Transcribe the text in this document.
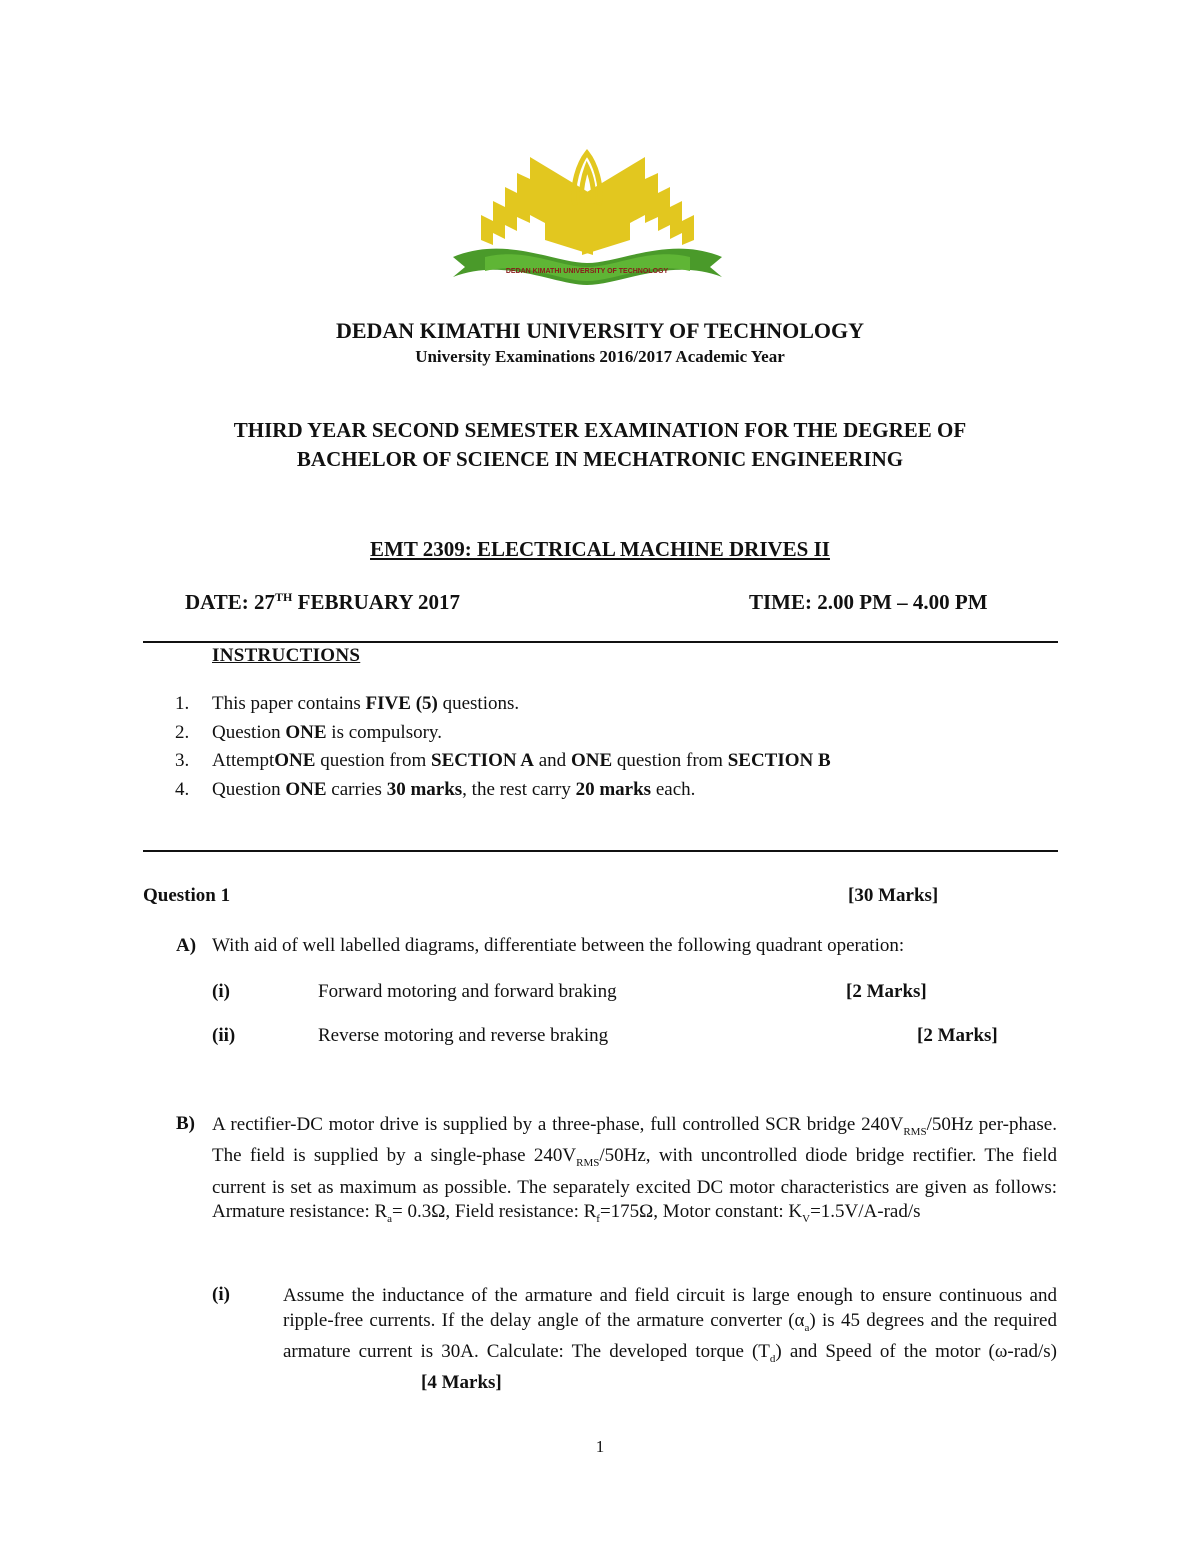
DEDAN KIMATHI UNIVERSITY OF TECHNOLOGY
DEDAN KIMATHI UNIVERSITY OF TECHNOLOGY
University Examinations 2016/2017 Academic Year
THIRD YEAR SECOND SEMESTER EXAMINATION FOR THE DEGREE OF
BACHELOR OF SCIENCE IN MECHATRONIC ENGINEERING
EMT 2309: ELECTRICAL MACHINE DRIVES II
DATE: 27TH FEBRUARY 2017	TIME: 2.00 PM – 4.00 PM
INSTRUCTIONS
1. This paper contains FIVE (5) questions.
2. Question ONE is compulsory.
3. AttemptONE question from SECTION A and ONE question from SECTION B
4. Question ONE carries 30 marks, the rest carry 20 marks each.
Question 1	[30 Marks]
A) With aid of well labelled diagrams, differentiate between the following quadrant operation:
(i)	Forward motoring and forward braking	[2 Marks]
(ii)	Reverse motoring and reverse braking	[2 Marks]
B) A rectifier-DC motor drive is supplied by a three-phase, full controlled SCR bridge $240V_{RMS}/50Hz$ per-phase. The field is supplied by a single-phase $240V_{RMS}/50Hz$, with uncontrolled diode bridge rectifier. The field current is set as maximum as possible. The separately excited DC motor characteristics are given as follows: Armature resistance: $R_a= 0.3\Omega$, Field resistance: $R_f=175\Omega$, Motor constant: $K_V=1.5V/A-rad/s$
(i)	Assume the inductance of the armature and field circuit is large enough to ensure continuous and ripple-free currents. If the delay angle of the armature converter $(\alpha_a)$ is 45 degrees and the required armature current is 30A. Calculate: The developed torque $(T_d)$ and Speed of the motor (ω-rad/s)[4 Marks]
1
